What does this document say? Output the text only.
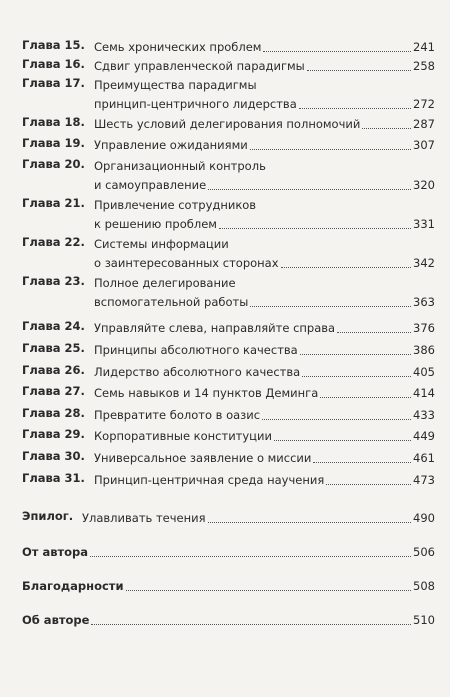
Глава 15. Семь хронических проблем	241
Глава 16. Сдвиг управленческой парадигмы	258
Глава 17. Преимущества парадигмы
принцип-центричного лидерства	272
Глава 18. Шесть условий делегирования полномочий	287
Глава 19. Управление ожиданиями	307
Глава 20. Организационный контроль
и самоуправление	320
Глава 21. Привлечение сотрудников
к решению проблем	331
Глава 22. Системы информации
о заинтересованных сторонах	342
Глава 23. Полное делегирование
вспомогательной работы	363
Глава 24. Управляйте слева, направляйте справа	376
Глава 25. Принципы абсолютного качества	386
Глава 26. Лидерство абсолютного качества	405
Глава 27. Семь навыков и 14 пунктов Деминга	414
Глава 28. Превратите болото в оазис	433
Глава 29. Корпоративные конституции	449
Глава 30. Универсальное заявление о миссии	461
Глава 31. Принцип-центричная среда научения	473
Эпилог. Улавливать течения	490
От автора	506
Благодарности	508
Об авторе	510
